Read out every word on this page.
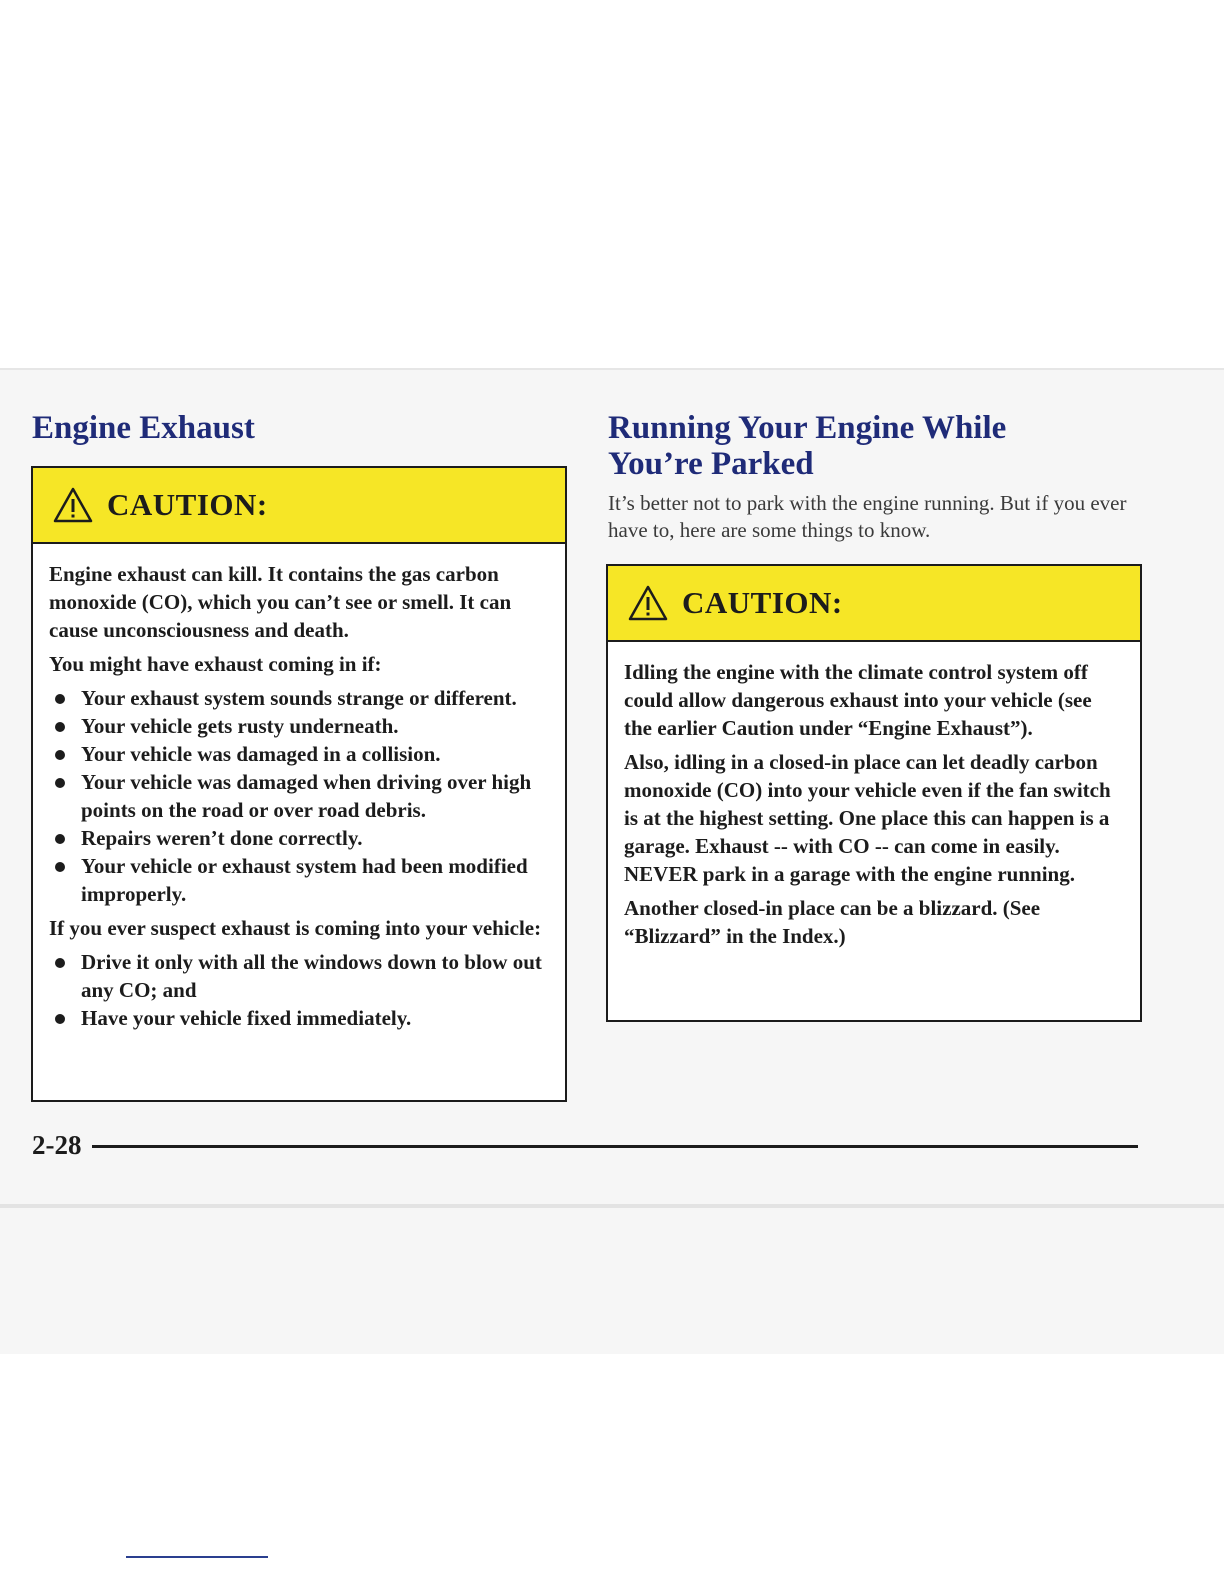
Engine Exhaust
CAUTION:

Engine exhaust can kill. It contains the gas carbon monoxide (CO), which you can’t see or smell. It can cause unconsciousness and death.

You might have exhaust coming in if:

Your exhaust system sounds strange or different.
Your vehicle gets rusty underneath.
Your vehicle was damaged in a collision.
Your vehicle was damaged when driving over high points on the road or over road debris.
Repairs weren’t done correctly.
Your vehicle or exhaust system had been modified improperly.

If you ever suspect exhaust is coming into your vehicle:

Drive it only with all the windows down to blow out any CO; and
Have your vehicle fixed immediately.
Running Your Engine While
You’re Parked

It’s better not to park with the engine running. But if you ever have to, here are some things to know.

CAUTION:

Idling the engine with the climate control system off could allow dangerous exhaust into your vehicle (see the earlier Caution under “Engine Exhaust”).

Also, idling in a closed-in place can let deadly carbon monoxide (CO) into your vehicle even if the fan switch is at the highest setting. One place this can happen is a garage. Exhaust -- with CO -- can come in easily. NEVER park in a garage with the engine running.

Another closed-in place can be a blizzard. (See “Blizzard” in the Index.)

2-28
